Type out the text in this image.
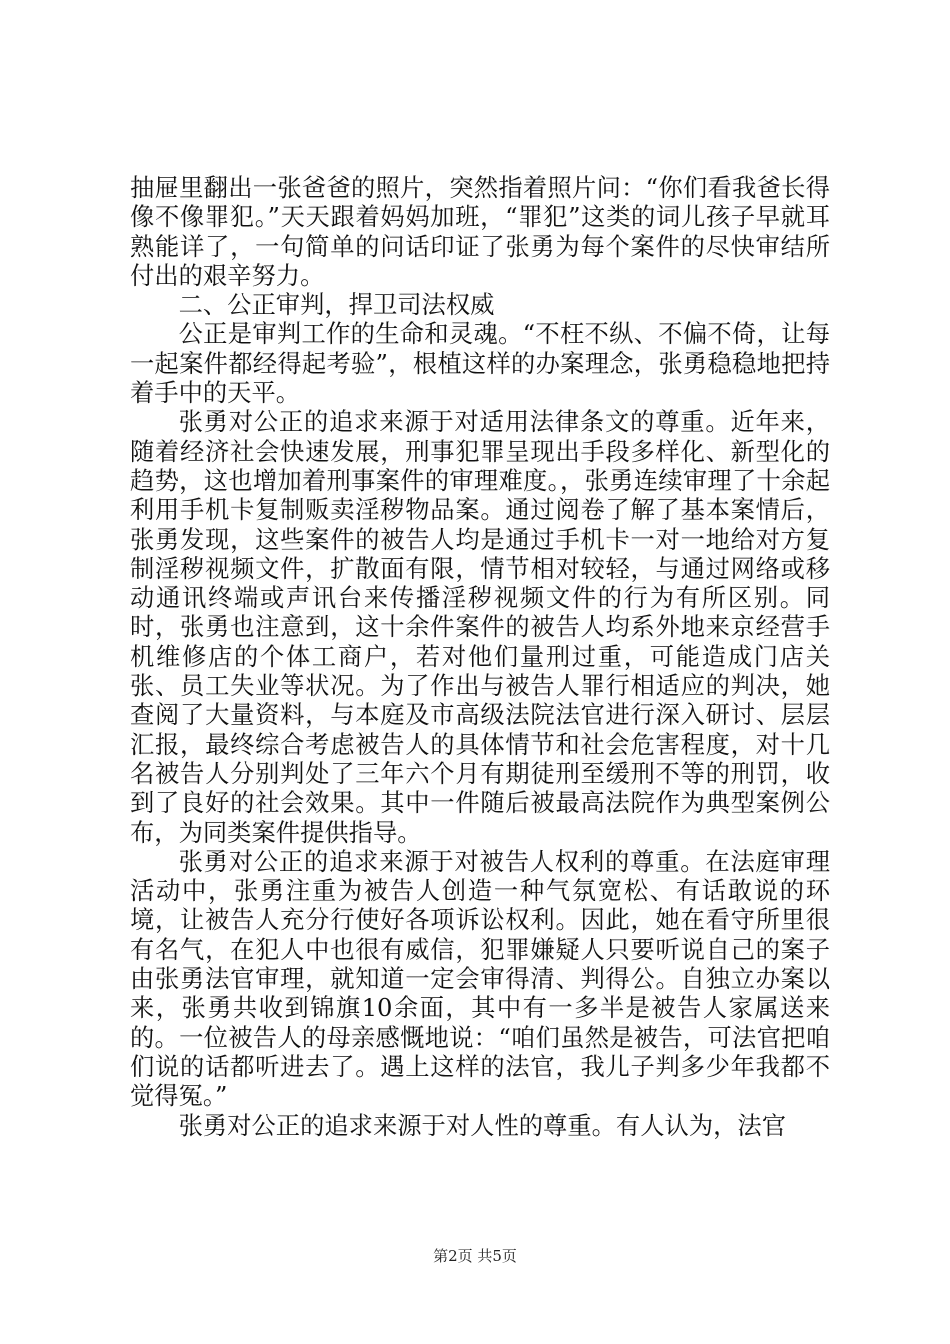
抽屉里翻出一张爸爸的照片，突然指着照片问：“你们看我爸长得像不像罪犯。”天天跟着妈妈加班，“罪犯”这类的词儿孩子早就耳熟能详了，一句简单的问话印证了张勇为每个案件的尽快审结所付出的艰辛努力。

二、公正审判，捍卫司法权威

公正是审判工作的生命和灵魂。“不枉不纵、不偏不倚，让每一起案件都经得起考验”，根植这样的办案理念，张勇稳稳地把持着手中的天平。

张勇对公正的追求来源于对适用法律条文的尊重。近年来，随着经济社会快速发展，刑事犯罪呈现出手段多样化、新型化的趋势，这也增加着刑事案件的审理难度。，张勇连续审理了十余起利用手机卡复制贩卖淫秽物品案。通过阅卷了解了基本案情后，张勇发现，这些案件的被告人均是通过手机卡一对一地给对方复制淫秽视频文件，扩散面有限，情节相对较轻，与通过网络或移动通讯终端或声讯台来传播淫秽视频文件的行为有所区别。同时，张勇也注意到，这十余件案件的被告人均系外地来京经营手机维修店的个体工商户，若对他们量刑过重，可能造成门店关张、员工失业等状况。为了作出与被告人罪行相适应的判决，她查阅了大量资料，与本庭及市高级法院法官进行深入研讨、层层汇报，最终综合考虑被告人的具体情节和社会危害程度，对十几名被告人分别判处了三年六个月有期徒刑至缓刑不等的刑罚，收到了良好的社会效果。其中一件随后被最高法院作为典型案例公布，为同类案件提供指导。

张勇对公正的追求来源于对被告人权利的尊重。在法庭审理活动中，张勇注重为被告人创造一种气氛宽松、有话敢说的环境，让被告人充分行使好各项诉讼权利。因此，她在看守所里很有名气，在犯人中也很有威信，犯罪嫌疑人只要听说自己的案子由张勇法官审理，就知道一定会审得清、判得公。自独立办案以来，张勇共收到锦旗10余面，其中有一多半是被告人家属送来的。一位被告人的母亲感慨地说：“咱们虽然是被告，可法官把咱们说的话都听进去了。遇上这样的法官，我儿子判多少年我都不觉得冤。”

张勇对公正的追求来源于对人性的尊重。有人认为，法官

第2页 共5页
